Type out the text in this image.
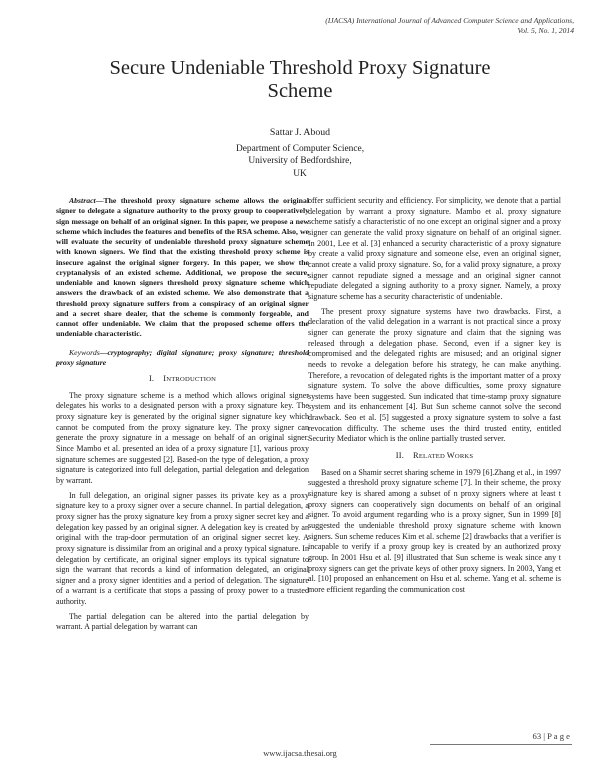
(IJACSA) International Journal of Advanced Computer Science and Applications,
Vol. 5, No. 1, 2014
Secure Undeniable Threshold Proxy Signature
Scheme
Sattar J. Aboud
Department of Computer Science,
University of Bedfordshire,
UK

Abstract—The threshold proxy signature scheme allows the original signer to delegate a signature authority to the proxy group to cooperatively sign message on behalf of an original signer. In this paper, we propose a new scheme which includes the features and benefits of the RSA scheme. Also, we will evaluate the security of undeniable threshold proxy signature scheme with known signers. We find that the existing threshold proxy scheme is insecure against the original signer forgery. In this paper, we show the cryptanalysis of an existed scheme. Additional, we propose the secure, undeniable and known signers threshold proxy signature scheme which answers the drawback of an existed scheme. We also demonstrate that a threshold proxy signature suffers from a conspiracy of an original signer and a secret share dealer, that the scheme is commonly forgeable, and cannot offer undeniable. We claim that the proposed scheme offers the undeniable characteristic.

Keywords—cryptography; digital signature; proxy signature; threshold proxy signature

I. INTRODUCTION

The proxy signature scheme is a method which allows original signer delegates his works to a designated person with a proxy signature key. The proxy signature key is generated by the original signer signature key which cannot be computed from the proxy signature key. The proxy signer can generate the proxy signature in a message on behalf of an original signer. Since Mambo et al. presented an idea of a proxy signature [1], various proxy signature schemes are suggested [2]. Based-on the type of delegation, a proxy signature is categorized into full delegation, partial delegation and delegation by warrant.

In full delegation, an original signer passes its private key as a proxy signature key to a proxy signer over a secure channel. In partial delegation, a proxy signer has the proxy signature key from a proxy signer secret key and a delegation key passed by an original signer. A delegation key is created by an original with the trap-door permutation of an original signer secret key. A proxy signature is dissimilar from an original and a proxy typical signature. In delegation by certificate, an original signer employs its typical signature to sign the warrant that records a kind of information delegated, an original signer and a proxy signer identities and a period of delegation. The signature of a warrant is a certificate that stops a passing of proxy power to a trusted authority.

The partial delegation can be altered into the partial delegation by warrant. A partial delegation by warrant can

offer sufficient security and efficiency. For simplicity, we denote that a partial delegation by warrant a proxy signature. Mambo et al. proxy signature scheme satisfy a characteristic of no one except an original signer and a proxy signer can generate the valid proxy signature on behalf of an original signer. In 2001, Lee et al. [3] enhanced a security characteristic of a proxy signature by create a valid proxy signature and someone else, even an original signer, cannot create a valid proxy signature. So, for a valid proxy signature, a proxy signer cannot repudiate signed a message and an original signer cannot repudiate delegated a signing authority to a proxy signer. Namely, a proxy signature scheme has a security characteristic of undeniable.

The present proxy signature systems have two drawbacks. First, a declaration of the valid delegation in a warrant is not practical since a proxy signer can generate the proxy signature and claim that the signing was released through a delegation phase. Second, even if a signer key is compromised and the delegated rights are misused; and an original signer needs to revoke a delegation before his strategy, he can make anything. Therefore, a revocation of delegated rights is the important matter of a proxy signature system. To solve the above difficulties, some proxy signature systems have been suggested. Sun indicated that time-stamp proxy signature system and its enhancement [4]. But Sun scheme cannot solve the second drawback. Seo et al. [5] suggested a proxy signature system to solve a fast revocation difficulty. The scheme uses the third trusted entity, entitled Security Mediator which is the online partially trusted server.

II. RELATED WORKS

Based on a Shamir secret sharing scheme in 1979 [6].Zhang et al., in 1997 suggested a threshold proxy signature scheme [7]. In their scheme, the proxy signature key is shared among a subset of n proxy signers where at least t proxy signers can cooperatively sign documents on behalf of an original signer. To avoid argument regarding who is a proxy signer, Sun in 1999 [8] suggested the undeniable threshold proxy signature scheme with known signers. Sun scheme reduces Kim et al. scheme [2] drawbacks that a verifier is incapable to verify if a proxy group key is created by an authorized proxy group. In 2001 Hsu et al. [9] illustrated that Sun scheme is weak since any t proxy signers can get the private keys of other proxy signers. In 2003, Yang et al. [10] proposed an enhancement on Hsu et al. scheme. Yang et al. scheme is more efficient regarding the communication cost

63 | P a g e
www.ijacsa.thesai.org
